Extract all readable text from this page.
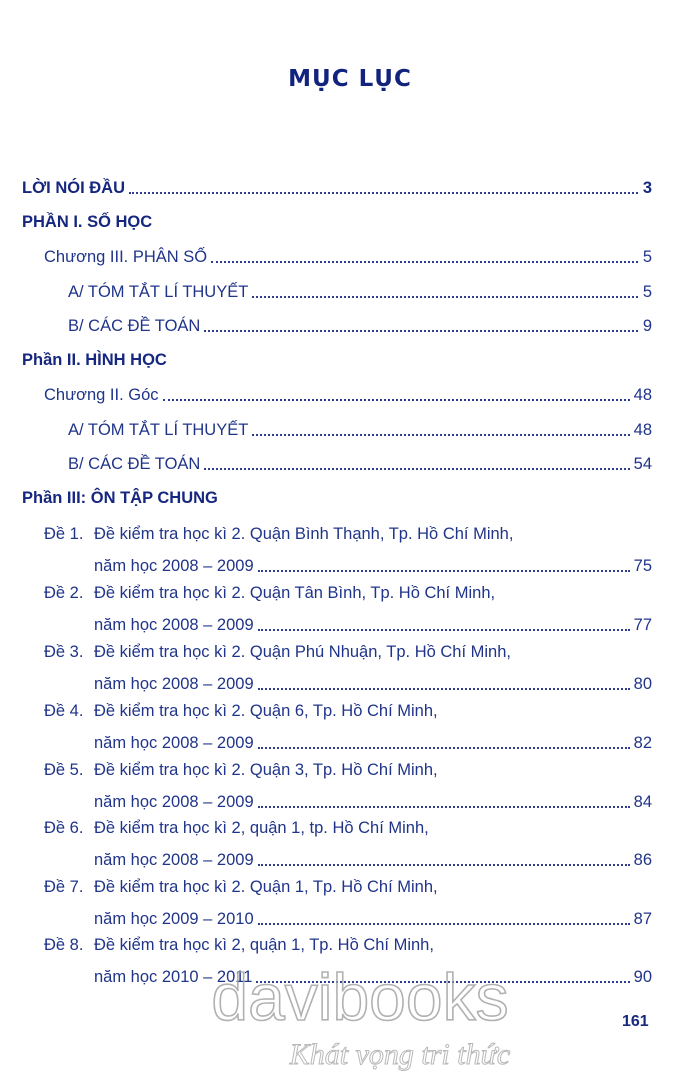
MỤC LỤC
LỜI NÓI ĐẦU	3
PHẦN I. SỐ HỌC
Chương III. PHÂN SỐ	5
A/ TÓM TẮT LÍ THUYẾT	5
B/ CÁC ĐỀ TOÁN	9
Phần II. HÌNH HỌC
Chương II. Góc	48
A/ TÓM TẮT LÍ THUYẾT	48
B/ CÁC ĐỀ TOÁN	54
Phần III: ÔN TẬP CHUNG
Đề 1. Đề kiểm tra học kì 2. Quận Bình Thạnh, Tp. Hồ Chí Minh,
năm học 2008 – 2009	75
Đề 2. Đề kiểm tra học kì 2. Quận Tân Bình, Tp. Hồ Chí Minh,
năm học 2008 – 2009	77
Đề 3. Đề kiểm tra học kì 2. Quận Phú Nhuận, Tp. Hồ Chí Minh,
năm học 2008 – 2009	80
Đề 4. Đề kiểm tra học kì 2. Quận 6, Tp. Hồ Chí Minh,
năm học 2008 – 2009	82
Đề 5. Đề kiểm tra học kì 2. Quận 3, Tp. Hồ Chí Minh,
năm học 2008 – 2009	84
Đề 6. Đề kiểm tra học kì 2, quận 1, tp. Hồ Chí Minh,
năm học 2008 – 2009	86
Đề 7. Đề kiểm tra học kì 2. Quận 1, Tp. Hồ Chí Minh,
năm học 2009 – 2010	87
Đề 8. Đề kiểm tra học kì 2, quận 1, Tp. Hồ Chí Minh,
năm học 2010 – 2011	90
davibooks
Khát vọng tri thức
161
